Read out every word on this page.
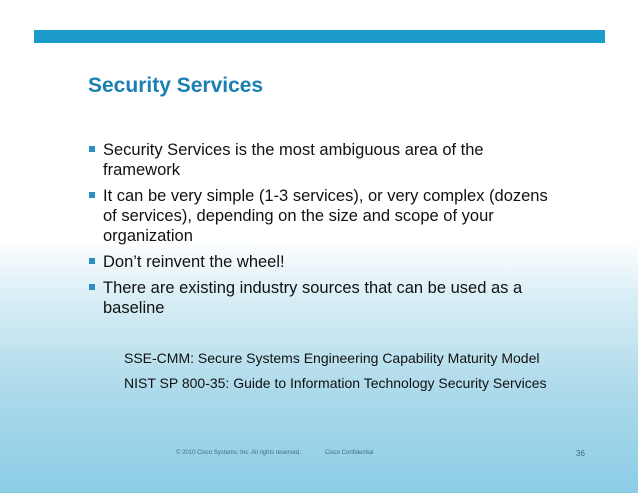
Security Services
Security Services is the most ambiguous area of the framework
It can be very simple (1-3 services), or very complex (dozens of services), depending on the size and scope of your organization
Don’t reinvent the wheel!
There are existing industry sources that can be used as a baseline
SSE-CMM: Secure Systems Engineering Capability Maturity Model
NIST SP 800-35: Guide to Information Technology Security Services
© 2010 Cisco Systems, Inc. All rights reserved.	Cisco Confidential	36
